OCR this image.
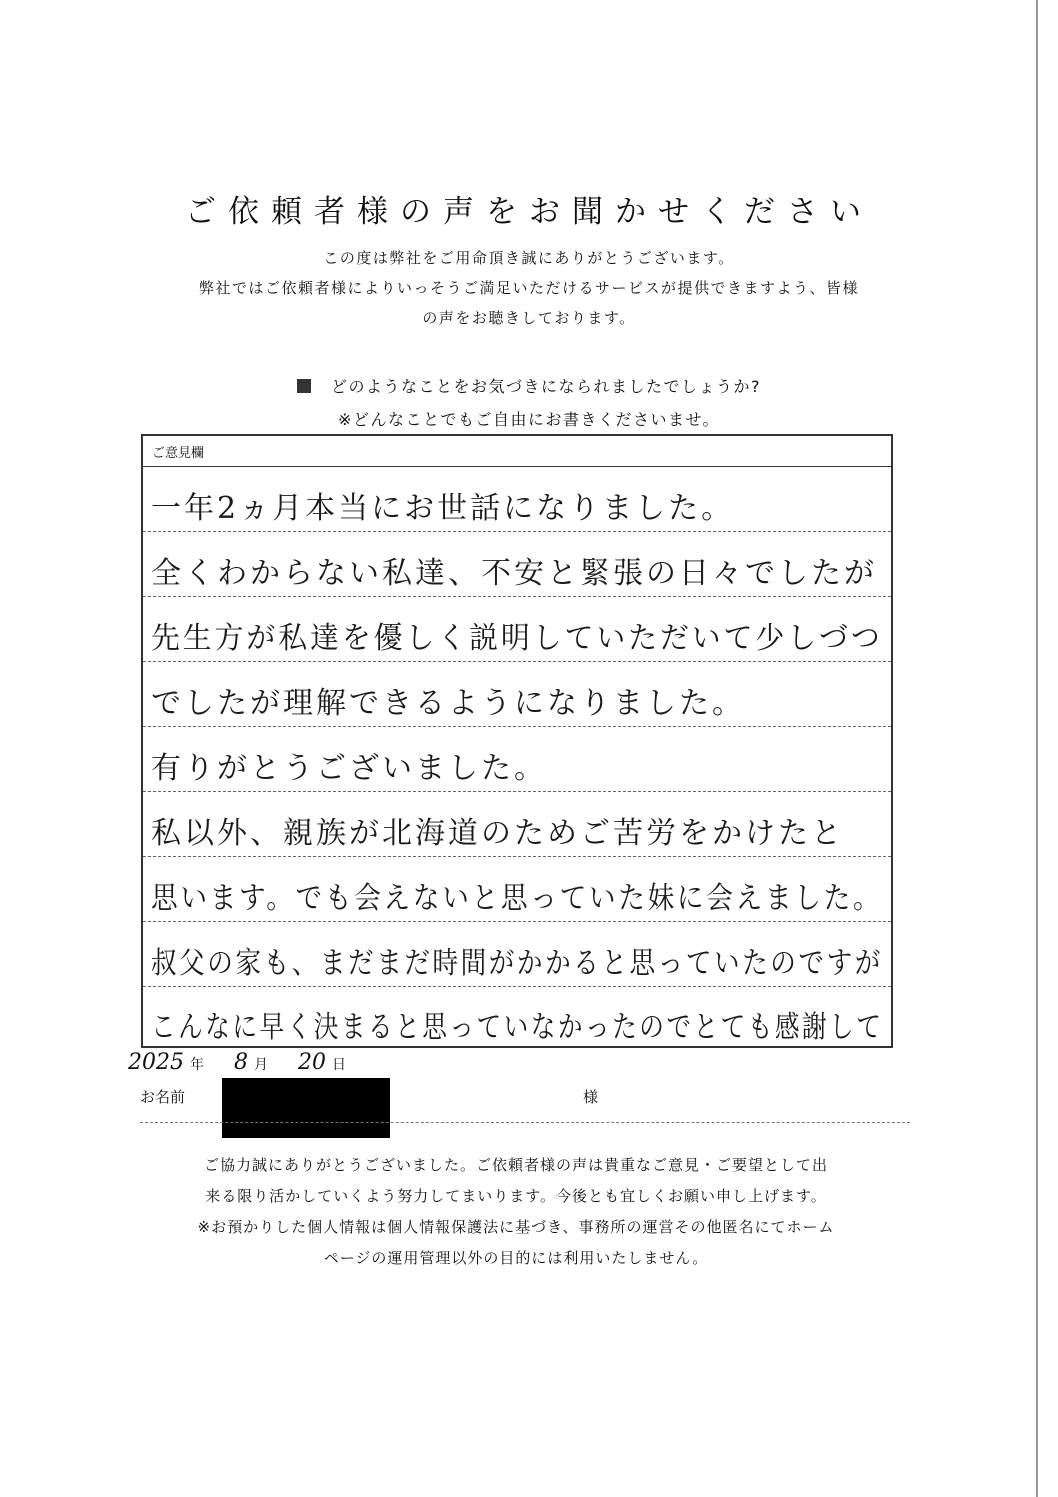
ご依頼者様の声をお聞かせください
この度は弊社をご用命頂き誠にありがとうございます。
弊社ではご依頼者様によりいっそうご満足いただけるサービスが提供できますよう、皆様
の声をお聴きしております。
どのようなことをお気づきになられましたでしょうか?
※どんなことでもご自由にお書きくださいませ。
ご意見欄
一年2ヵ月本当にお世話になりました。
全くわからない私達、不安と緊張の日々でしたが
先生方が私達を優しく説明していただいて少しづつ
でしたが理解できるようになりました。
有りがとうございました。
私以外、親族が北海道のためご苦労をかけたと
思います。でも会えないと思っていた妹に会えました。
叔父の家も、まだまだ時間がかかると思っていたのですが
こんなに早く決まると思っていなかったのでとても感謝して
2025 年 8 月 20 日
お名前	様

ご協力誠にありがとうございました。ご依頼者様の声は貴重なご意見・ご要望として出

来る限り活かしていくよう努力してまいります。今後とも宜しくお願い申し上げます。

※お預かりした個人情報は個人情報保護法に基づき、事務所の運営その他匿名にてホーム

ページの運用管理以外の目的には利用いたしません。
